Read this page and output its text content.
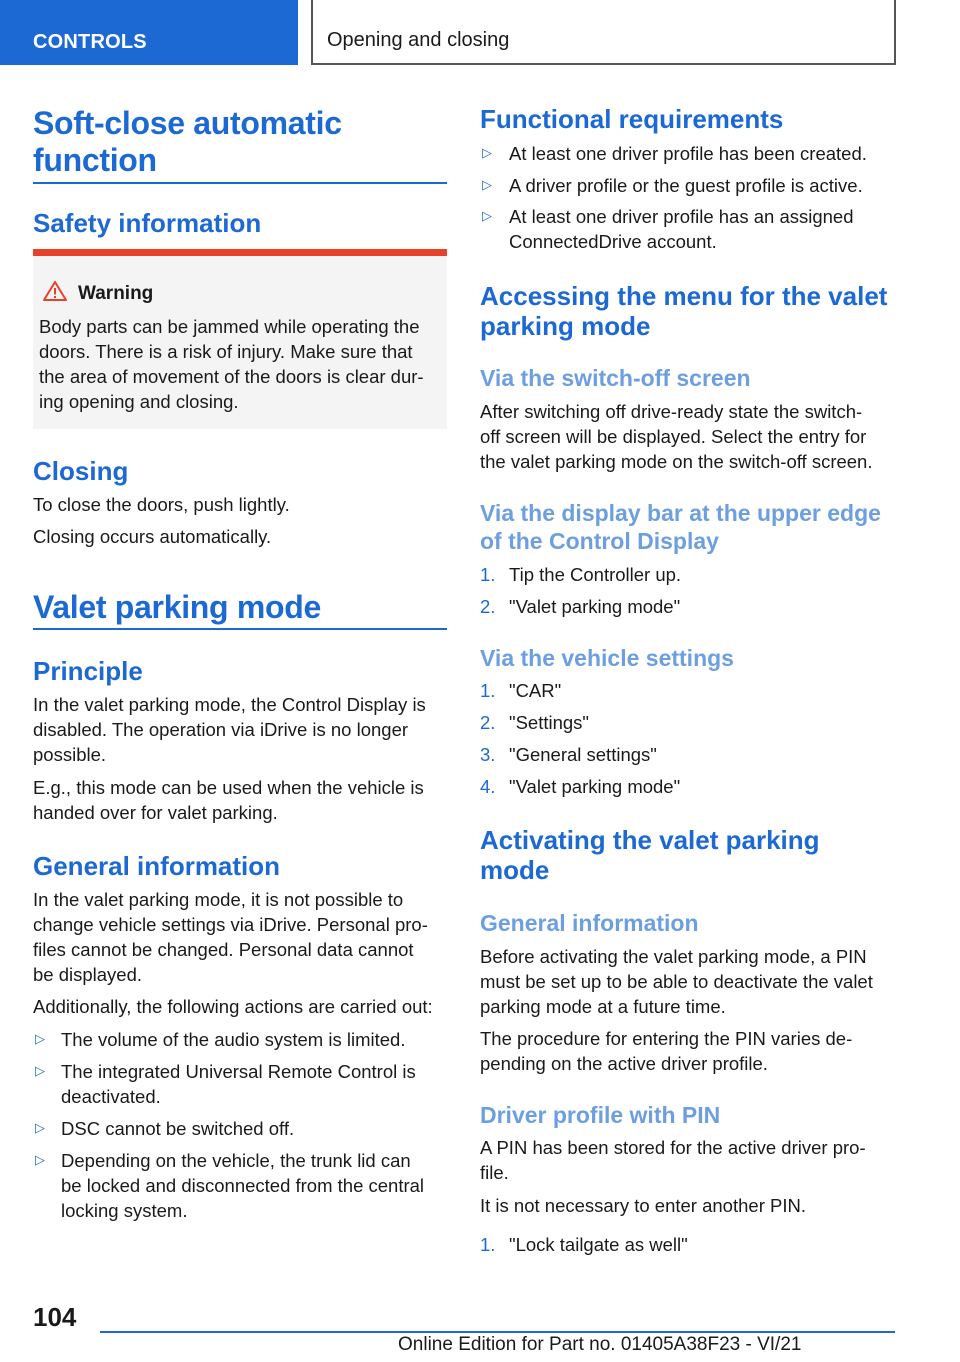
CONTROLS	Opening and closing
Soft-close automatic
function
Safety information
Warning
Body parts can be jammed while operating the
doors. There is a risk of injury. Make sure that
the area of movement of the doors is clear dur-
ing opening and closing.
Closing
To close the doors, push lightly.
Closing occurs automatically.
Valet parking mode
Principle
In the valet parking mode, the Control Display is
disabled. The operation via iDrive is no longer
possible.
E.g., this mode can be used when the vehicle is
handed over for valet parking.
General information
In the valet parking mode, it is not possible to
change vehicle settings via iDrive. Personal pro-
files cannot be changed. Personal data cannot
be displayed.
Additionally, the following actions are carried out:
▷ The volume of the audio system is limited.
▷ The integrated Universal Remote Control is
deactivated.
▷ DSC cannot be switched off.
▷ Depending on the vehicle, the trunk lid can
be locked and disconnected from the central
locking system.
Functional requirements
▷ At least one driver profile has been created.
▷ A driver profile or the guest profile is active.
▷ At least one driver profile has an assigned
ConnectedDrive account.
Accessing the menu for the valet
parking mode
Via the switch-off screen
After switching off drive-ready state the switch-
off screen will be displayed. Select the entry for
the valet parking mode on the switch-off screen.
Via the display bar at the upper edge
of the Control Display
1. Tip the Controller up.
2. "Valet parking mode"
Via the vehicle settings
1. "CAR"
2. "Settings"
3. "General settings"
4. "Valet parking mode"
Activating the valet parking
mode
General information
Before activating the valet parking mode, a PIN
must be set up to be able to deactivate the valet
parking mode at a future time.
The procedure for entering the PIN varies de-
pending on the active driver profile.
Driver profile with PIN
A PIN has been stored for the active driver pro-
file.
It is not necessary to enter another PIN.
1. "Lock tailgate as well"
104
Online Edition for Part no. 01405A38F23 - VI/21
